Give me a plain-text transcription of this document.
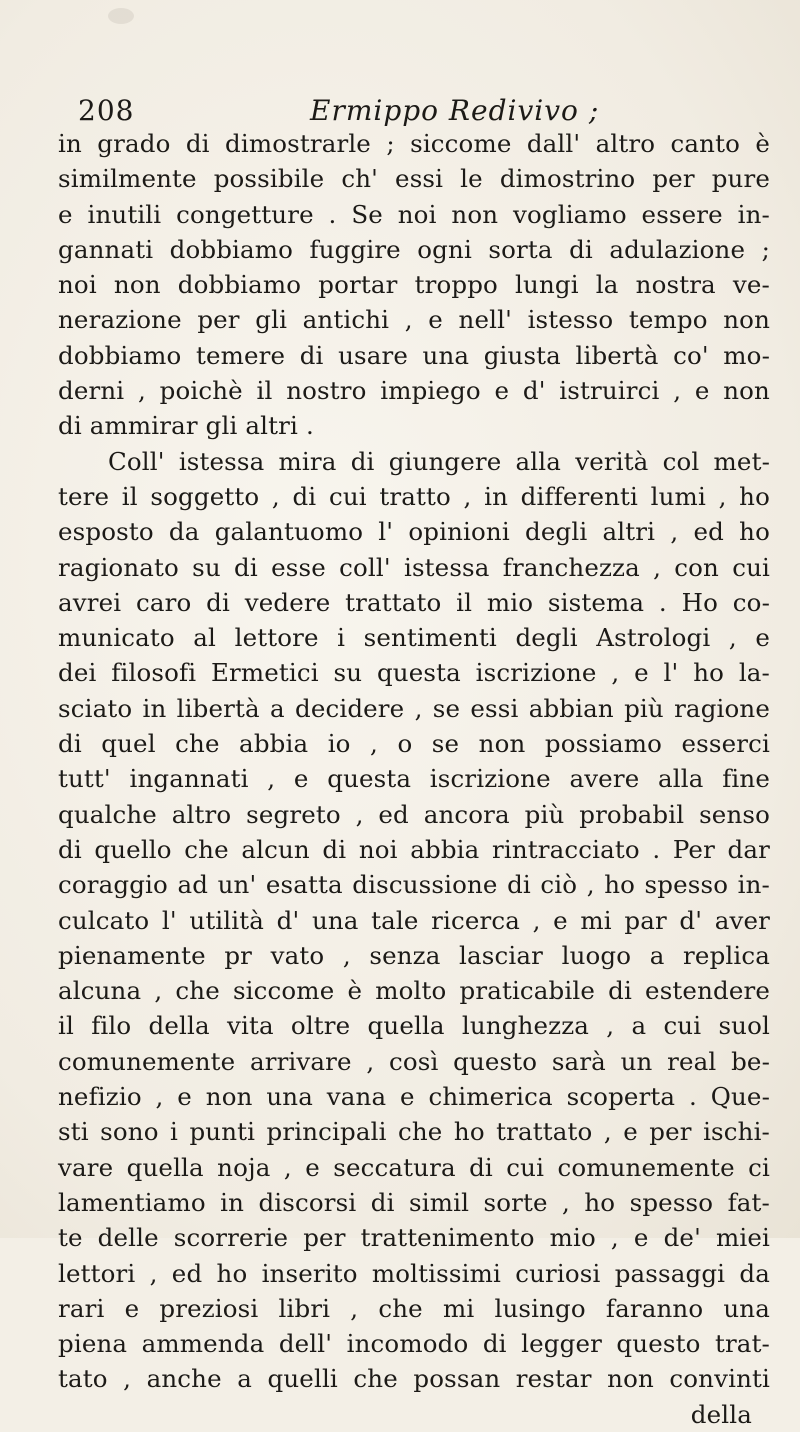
208	Ermippo Redivivo ;
in grado di dimostrarle ; siccome dall' altro canto è
similmente possibile ch' essi le dimostrino per pure
e inutili congetture . Se noi non vogliamo essere in-
gannati dobbiamo fuggire ogni sorta di adulazione ;
noi non dobbiamo portar troppo lungi la nostra ve-
nerazione per gli antichi , e nell' istesso tempo non
dobbiamo temere di usare una giusta libertà co' mo-
derni , poichè il nostro impiego e d' istruirci , e non
di ammirar gli altri .
Coll' istessa mira di giungere alla verità col met-
tere il soggetto , di cui tratto , in differenti lumi , ho
esposto da galantuomo l' opinioni degli altri , ed ho
ragionato su di esse coll' istessa franchezza , con cui
avrei caro di vedere trattato il mio sistema . Ho co-
municato al lettore i sentimenti degli Astrologi , e
dei filosofi Ermetici su questa iscrizione , e l' ho la-
sciato in libertà a decidere , se essi abbian più ragione
di quel che abbia io , o se non possiamo esserci
tutt' ingannati , e questa iscrizione avere alla fine
qualche altro segreto , ed ancora più probabil senso
di quello che alcun di noi abbia rintracciato . Per dar
coraggio ad un' esatta discussione di ciò , ho spesso in-
culcato l' utilità d' una tale ricerca , e mi par d' aver
pienamente pr vato , senza lasciar luogo a replica
alcuna , che siccome è molto praticabile di estendere
il filo della vita oltre quella lunghezza , a cui suol
comunemente arrivare , così questo sarà un real be-
nefizio , e non una vana e chimerica scoperta . Que-
sti sono i punti principali che ho trattato , e per ischi-
vare quella noja , e seccatura di cui comunemente ci
lamentiamo in discorsi di simil sorte , ho spesso fat-
te delle scorrerie per trattenimento mio , e de' miei
lettori , ed ho inserito moltissimi curiosi passaggi da
rari e preziosi libri , che mi lusingo faranno una
piena ammenda dell' incomodo di legger questo trat-
tato , anche a quelli che possan restar non convinti
della
